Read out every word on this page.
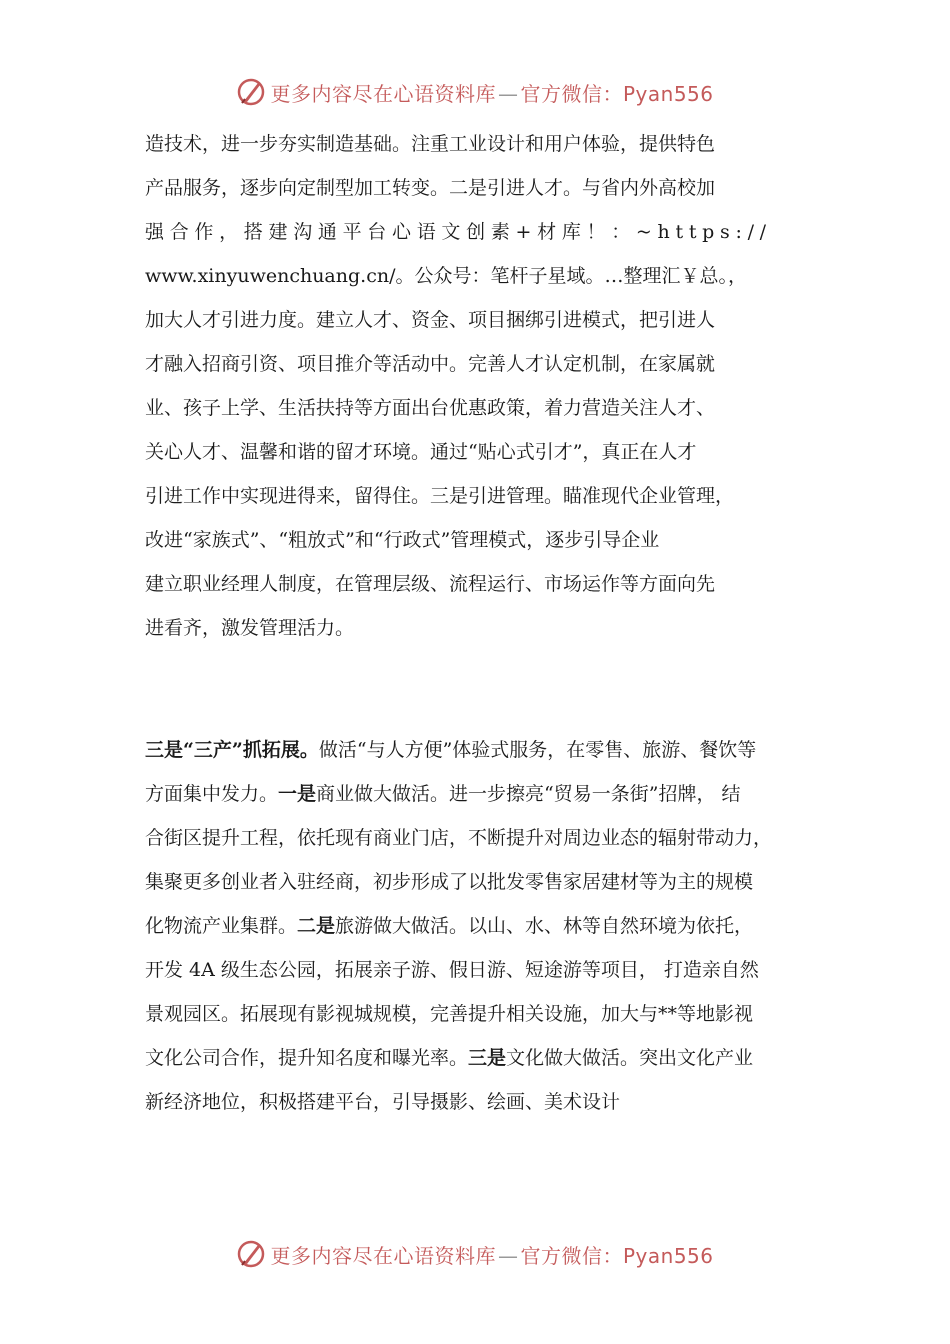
更多内容尽在心语资料库 — 官方微信：Pyan556
造技术，进一步夯实制造基础。注重工业设计和用户体验，提供特色
产品服务，逐步向定制型加工转变。二是引进人才。与省内外高校加
强合作，搭建沟通平台心语文创素+材库！：~https://
www.xinyuwenchuang.cn/。公众号：笔杆子星域。…整理汇￥总。，
加大人才引进力度。建立人才、资金、项目捆绑引进模式，把引进人
才融入招商引资、项目推介等活动中。完善人才认定机制，在家属就
业、孩子上学、生活扶持等方面出台优惠政策，着力营造关注人才、
关心人才、温馨和谐的留才环境。通过“贴心式引才”，真正在人才
引进工作中实现进得来，留得住。三是引进管理。瞄准现代企业管理，
改进“家族式”、“粗放式”和“行政式”管理模式，逐步引导企业
建立职业经理人制度，在管理层级、流程运行、市场运作等方面向先
进看齐，激发管理活力。
三是“三产”抓拓展。做活“与人方便”体验式服务，在零售、旅游、餐饮等
方面集中发力。一是商业做大做活。进一步擦亮“贸易一条街”招牌， 结
合街区提升工程，依托现有商业门店，不断提升对周边业态的辐射带动力，
集聚更多创业者入驻经商，初步形成了以批发零售家居建材等为主的规模
化物流产业集群。二是旅游做大做活。以山、水、林等自然环境为依托，
开发 4A 级生态公园，拓展亲子游、假日游、短途游等项目， 打造亲自然
景观园区。拓展现有影视城规模，完善提升相关设施，加大与**等地影视
文化公司合作，提升知名度和曝光率。三是文化做大做活。突出文化产业
新经济地位，积极搭建平台，引导摄影、绘画、美术设计
更多内容尽在心语资料库 — 官方微信：Pyan556
